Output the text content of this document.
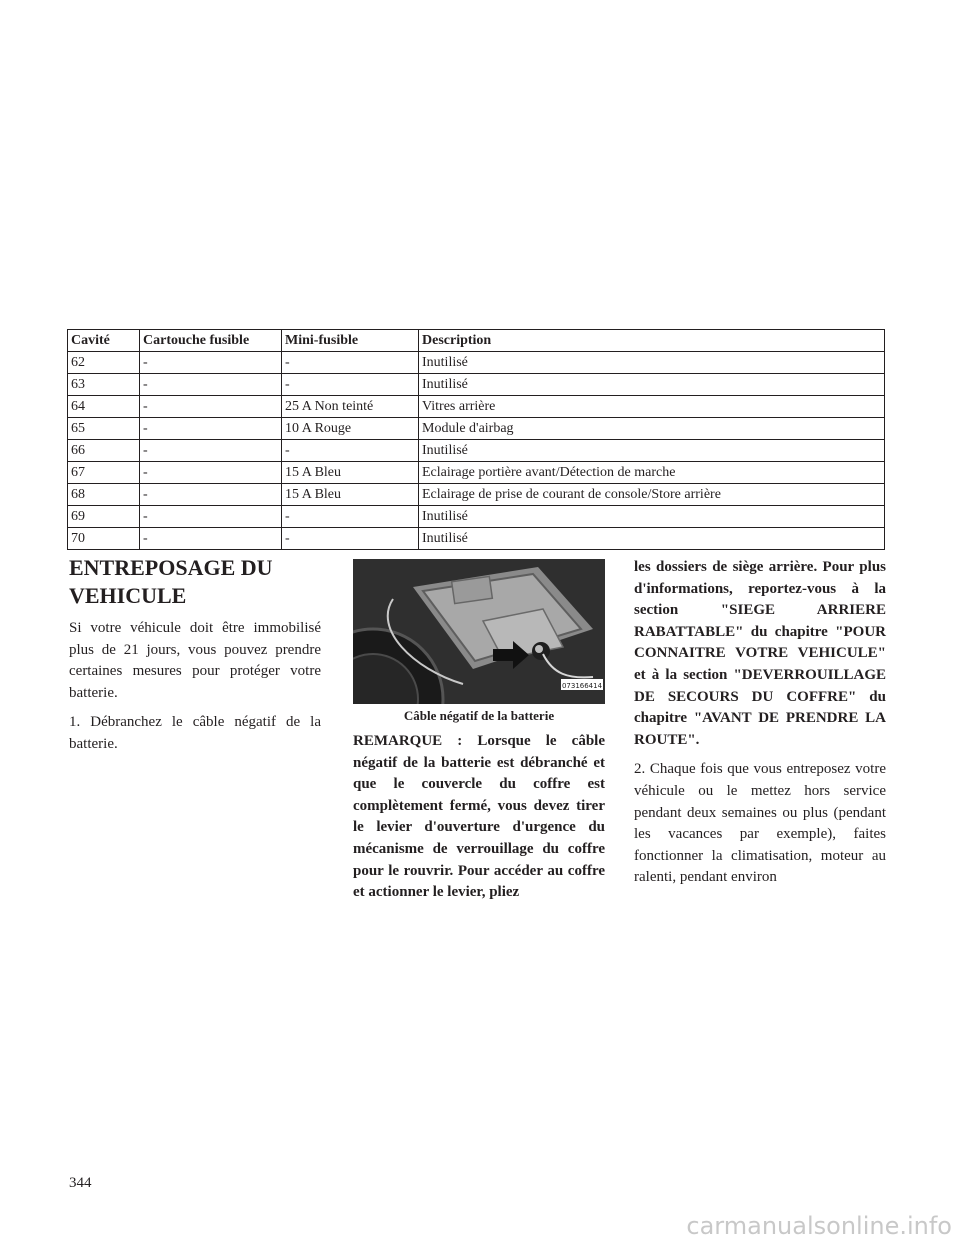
Cavité	Cartouche fusible	Mini-fusible	Description
62	-	-	Inutilisé
63	-	-	Inutilisé
64	-	25 A Non teinté	Vitres arrière
65	-	10 A Rouge	Module d'airbag
66	-	-	Inutilisé
67	-	15 A Bleu	Eclairage portière avant/Détection de marche
68	-	15 A Bleu	Eclairage de prise de courant de console/Store arrière
69	-	-	Inutilisé
70	-	-	Inutilisé
ENTREPOSAGE DU VEHICULE

Si votre véhicule doit être immobilisé plus de 21 jours, vous pouvez prendre certaines mesures pour protéger votre batterie.

1. Débranchez le câble négatif de la batterie.

073166414
Câble négatif de la batterie

REMARQUE : Lorsque le câble négatif de la batterie est débranché et que le couvercle du coffre est complètement fermé, vous devez tirer le levier d'ouverture d'urgence du mécanisme de verrouillage du coffre pour le rouvrir. Pour accéder au coffre et actionner le levier, pliez

les dossiers de siège arrière. Pour plus d'informations, reportez-vous à la section "SIEGE ARRIERE RABATTABLE" du chapitre "POUR CONNAITRE VOTRE VEHICULE" et à la section "DEVERROUILLAGE DE SECOURS DU COFFRE" du chapitre "AVANT DE PRENDRE LA ROUTE".

2. Chaque fois que vous entreposez votre véhicule ou le mettez hors service pendant deux semaines ou plus (pendant les vacances par exemple), faites fonctionner la climatisation, moteur au ralenti, pendant environ

344
carmanualsonline.info
